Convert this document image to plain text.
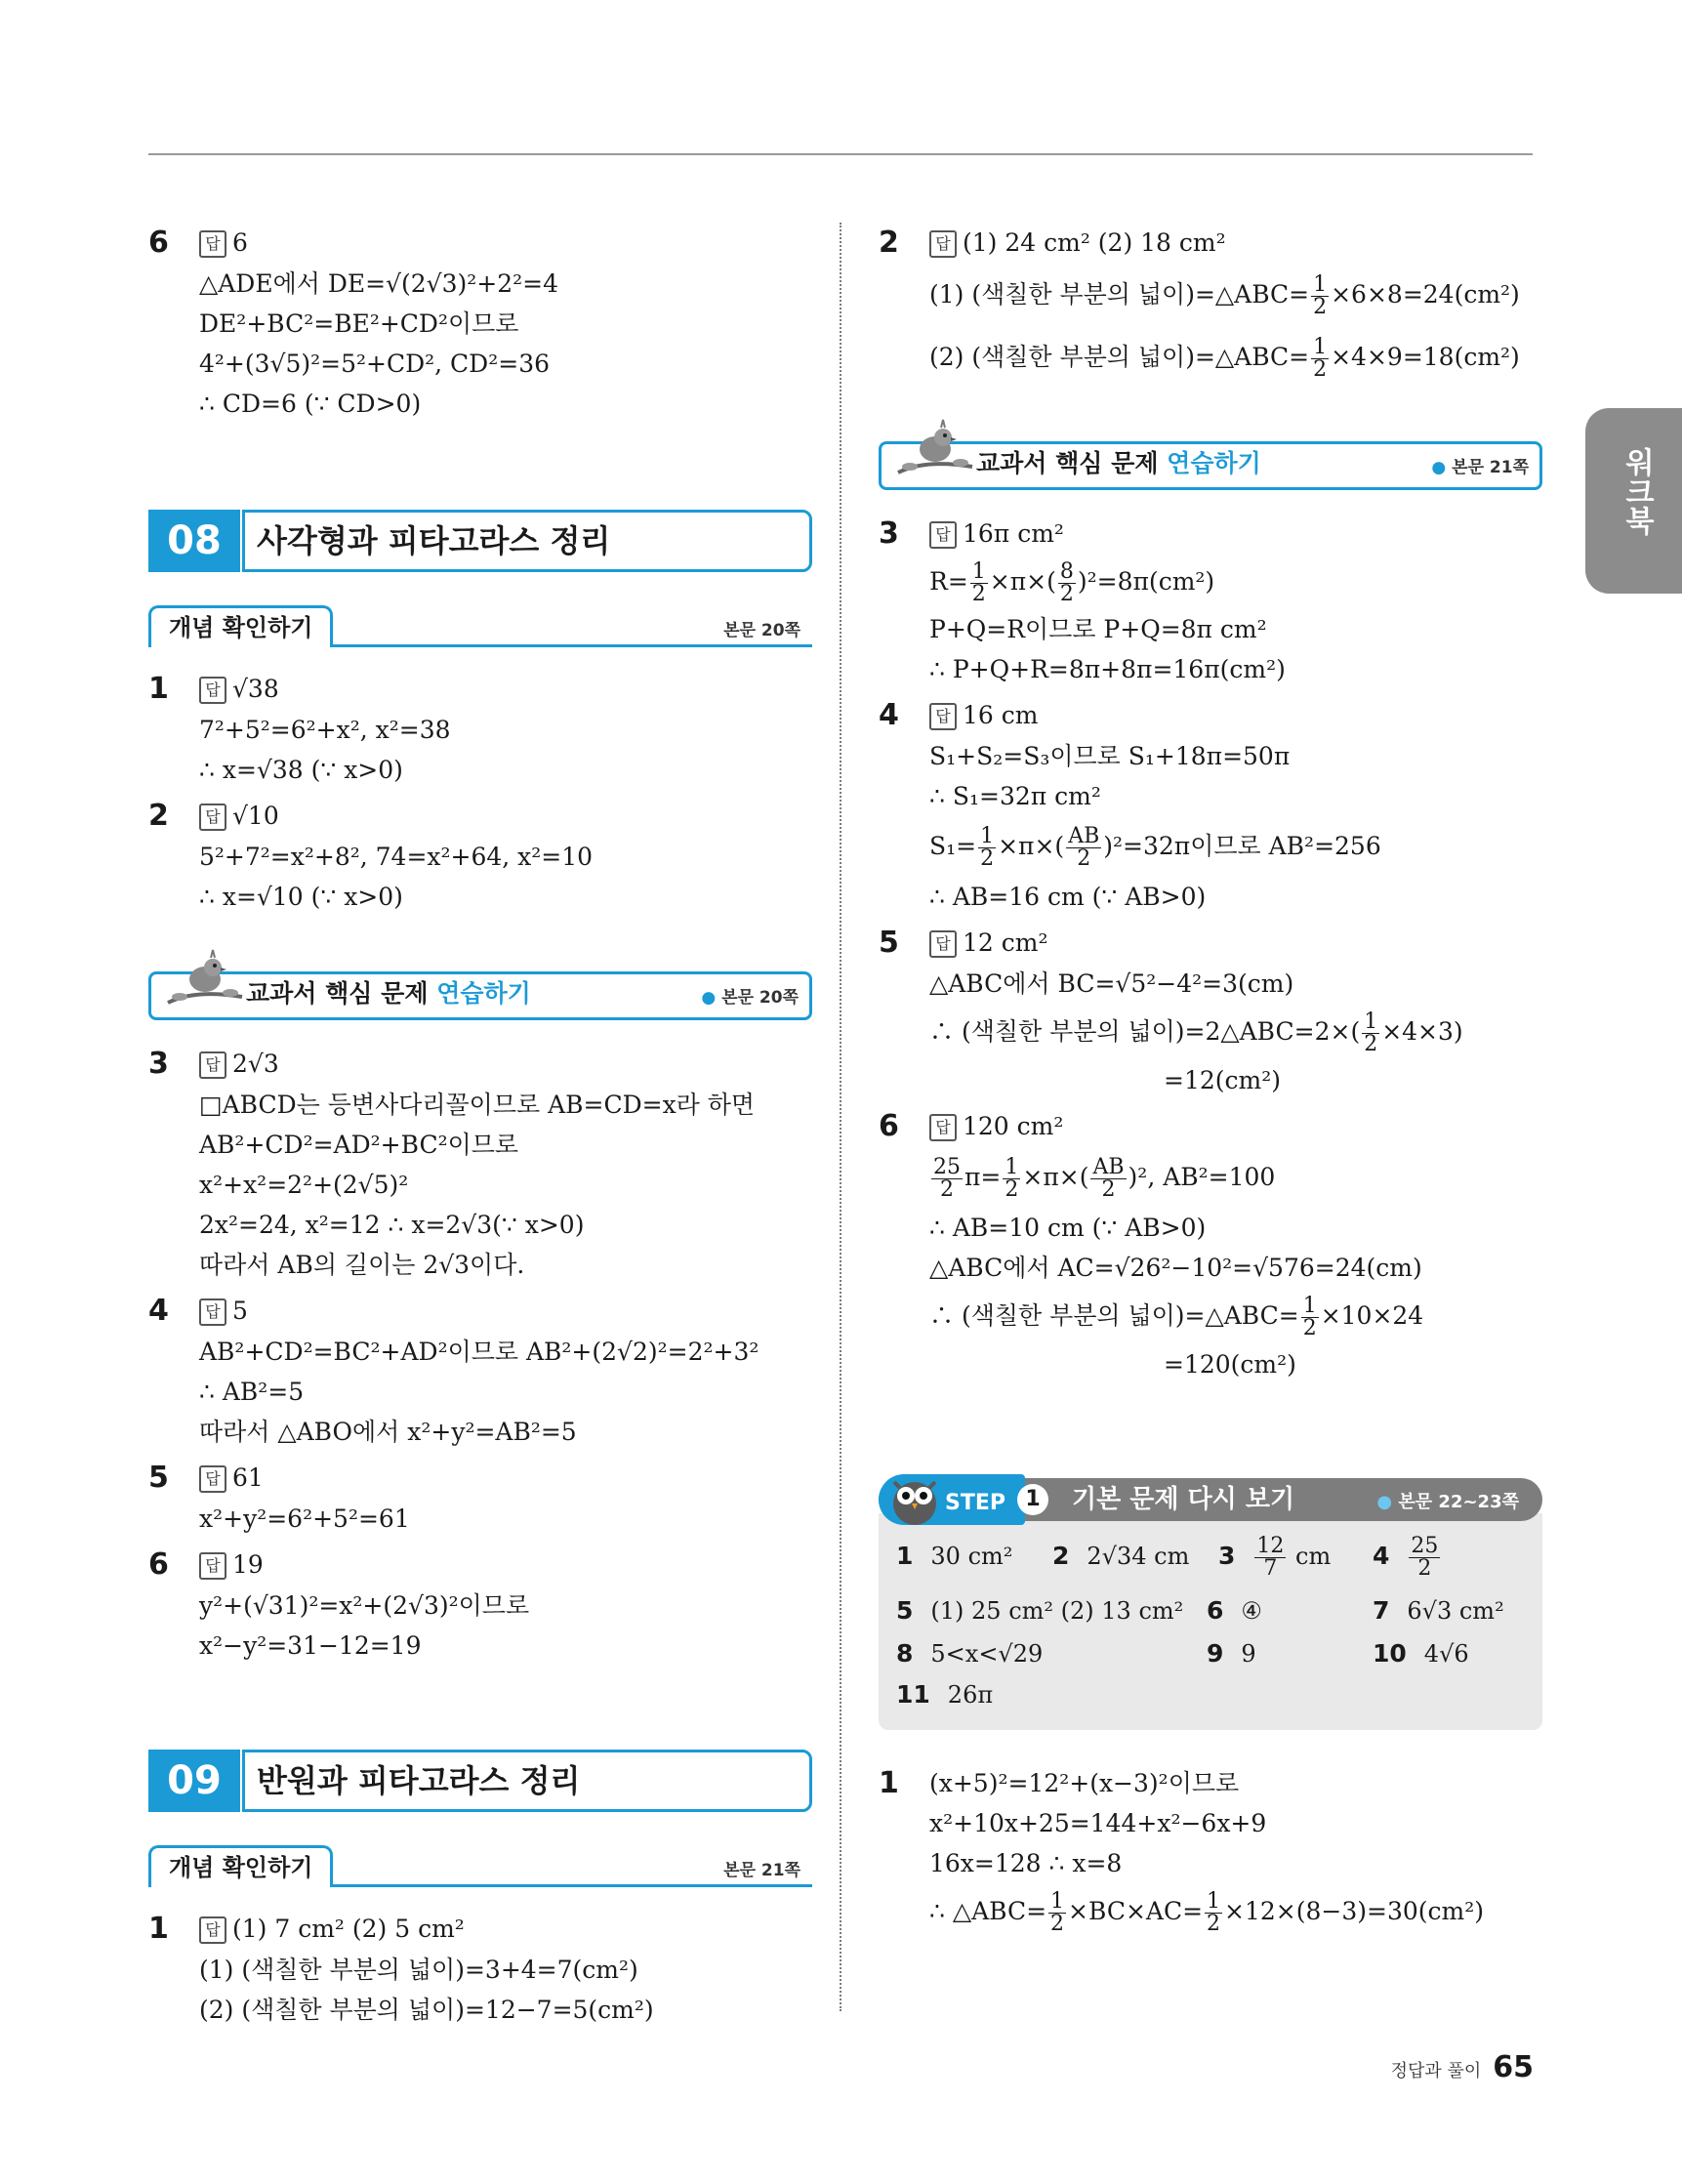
워크북
6	답 6
△ADE에서 DE=√(2√3)²+2²=4
DE²+BC²=BE²+CD²이므로
4²+(3√5)²=5²+CD², CD²=36
∴ CD=6 (∵ CD>0)
08	사각형과 피타고라스 정리
개념 확인하기	본문 20쪽
1	답 √38
7²+5²=6²+x², x²=38
∴ x=√38 (∵ x>0)
2	답 √10
5²+7²=x²+8², 74=x²+64, x²=10
∴ x=√10 (∵ x>0)
교과서 핵심 문제 연습하기	● 본문 20쪽
3	답 2√3
□ABCD는 등변사다리꼴이므로 AB=CD=x라 하면
AB²+CD²=AD²+BC²이므로
x²+x²=2²+(2√5)²
2x²=24, x²=12 ∴ x=2√3(∵ x>0)
따라서 AB의 길이는 2√3이다.
4	답 5
AB²+CD²=BC²+AD²이므로 AB²+(2√2)²=2²+3²
∴ AB²=5
따라서 △ABO에서 x²+y²=AB²=5
5	답 61
x²+y²=6²+5²=61
6	답 19
y²+(√31)²=x²+(2√3)²이므로
x²−y²=31−12=19
09	반원과 피타고라스 정리
개념 확인하기	본문 21쪽
1	답 (1) 7 cm² (2) 5 cm²
(1) (색칠한 부분의 넓이)=3+4=7(cm²)
(2) (색칠한 부분의 넓이)=12−7=5(cm²)
2	답 (1) 24 cm² (2) 18 cm²
(1) (색칠한 부분의 넓이)=△ABC= $\frac{1}{2} \times 6\times 8=24(cm^2)$
(2) (색칠한 부분의 넓이)=△ABC= $\frac{1}{2} \times 4\times 9=18(cm^2)$
교과서 핵심 문제 연습하기	● 본문 21쪽
3	답 16π cm²
$R= \frac{1}{2} \times\pi\times( \frac{8}{2} )^2=8\pi(cm^2)$
P+Q=R이므로 P+Q=8π cm²
∴ P+Q+R=8π+8π=16π(cm²)
4	답 16 cm
S₁+S₂=S₃이므로 S₁+18π=50π
∴ S₁=32π cm²
$S_1= \frac{1}{2} \times\pi\times( \frac{AB}{2} )^2=32\pi$이므로 AB²=256
∴ AB=16 cm (∵ AB>0)
5	답 12 cm²
△ABC에서 BC=√5²−4²=3(cm)
∴ (색칠한 부분의 넓이)=2△ABC=2×( $\frac{1}{2} \times 4\times 3$)
=12(cm²)
6	답 120 cm²
$\frac{25}{2} \pi= \frac{1}{2} \times\pi\times( \frac{AB}{2} )^2$, AB²=100
∴ AB=10 cm (∵ AB>0)
△ABC에서 AC=√26²−10²=√576=24(cm)
∴ (색칠한 부분의 넓이)=△ABC= $\frac{1}{2} \times 10\times 24$
=120(cm²)
STEP 1	기본 문제 다시 보기	● 본문 22~23쪽
1 30 cm² 2 2√34 cm $3 \frac{12}{7}$ cm $4 \frac{25}{2}$
5 (1) 25 cm² (2) 13 cm² 6 ④	7 6√3 cm²
8 5<x<√29	9 9	10 4√6
11 26π
1 (x+5)²=12²+(x−3)²이므로
x²+10x+25=144+x²−6x+9
16x=128 ∴ x=8
∴ △ABC= $\frac{1}{2} \times BC\times AC= \frac{1}{2} \times 12\times(8-3)=30(cm^2)$
정답과 풀이 65
